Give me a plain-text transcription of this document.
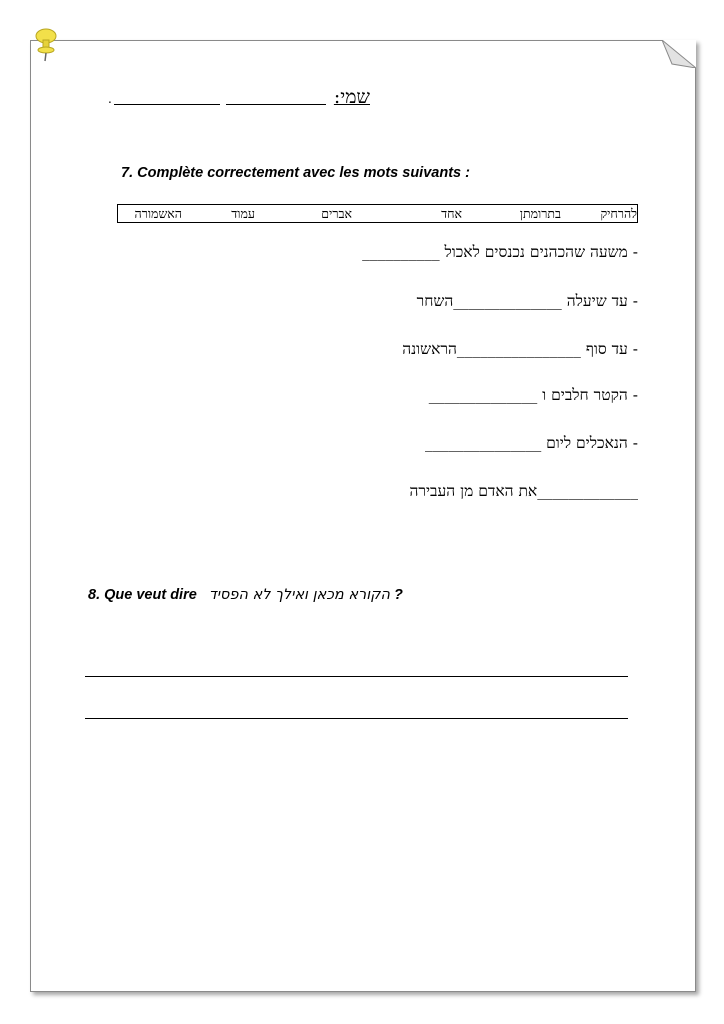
שמי:
.
7. Complète correctement avec les mots suivants :
להרחיק
בתרומתן
אחד
אברים
עמוד
האשמורה
- משעה שהכהנים נכנסים לאכול __________
- עד שיעלה ______________השחר
- עד סוף ________________הראשונה
- הקטר חלבים ו ______________
- הנאכלים ליום _______________
_____________את האדם מן העבירה
8. Que veut dire הקורא מכאן ואילך לא הפסיד ?
